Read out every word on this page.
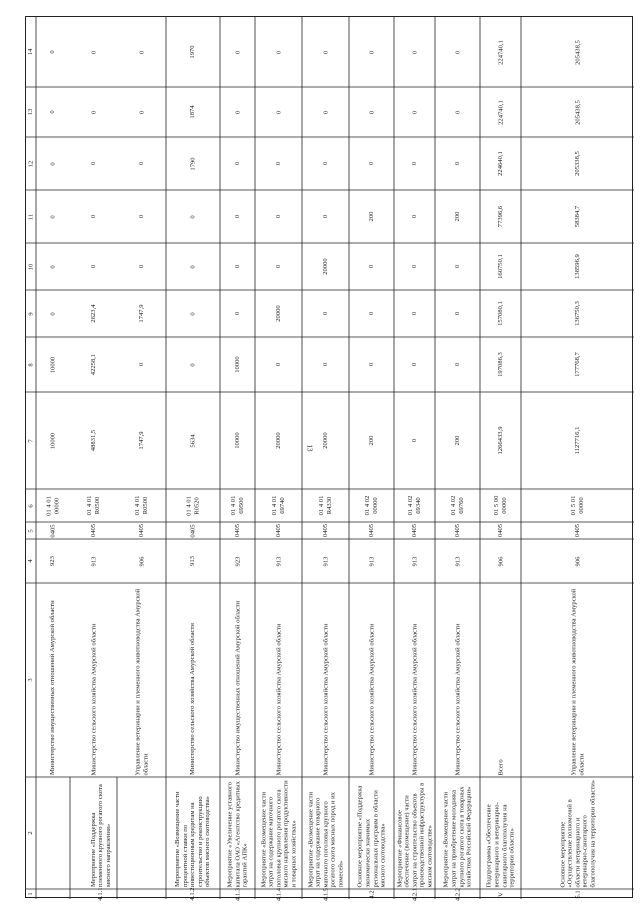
13
1
2
3
4
5
6
7
8
9
10
11
12
13
14
Министерство имущественных отношений Амурской области
923
0405
01 4 01 00000
10000
10000
0
0
0
0
0
0
4.1.1
Мероприятие «Поддержка племенного крупного рогатого скота мясного направления»
Министерство сельского хозяйства Амурской области
913
0405
01 4 01 R0500
48831,5
42258,1
2623,4
0
0
0
0
0
Управление ветеринарии и племенного животноводства Амурской области
906
0405
01 4 01 R0500
1747,9
0
1747,9
0
0
0
0
0
4.1.2
Мероприятие «Возмещение части процентной ставки по инвестиционным кредитам на строительство и реконструкцию объектов мясного скотоводства»
Министерство сельского хозяйства Амурской области
913
0405
01 4 01 R0520
5634
0
0
0
0
1790
1874
1970
4.1.3
Мероприятие «Увеличение уставного капитала ОАО «Агентство кредитных гарантий АПК»
Министерство имущественных отношений Амурской области
923
0405
01 4 01 69500
10000
10000
0
0
0
0
0
0
4.1.4
Мероприятие «Возмещение части затрат на содержание маточного поголовья крупного рогатого скота мясного направления продуктивности и товарных хозяйствах»
Министерство сельского хозяйства Амурской области
913
0405
01 4 01 69740
20000
0
20000
0
0
0
0
0
4.1.5
Мероприятие «Возмещение части затрат на содержание товарного маточного поголовья крупного рогатого скота мясных пород и их помесей»
Министерство сельского хозяйства Амурской области
913
0405
01 4 01 R4330
20000
0
0
20000
0
0
0
0
4.2
Основное мероприятие «Поддержка экономически значимых региональных программ в области мясного скотоводства»
Министерство сельского хозяйства Амурской области
913
0405
01 4 02 00000
200
0
0
0
200
0
0
0
4.2.1
Мероприятие «Финансовое обеспечение (возмещение) части затрат на строительство объектов производственной инфраструктуры в мясном скотоводстве»
Министерство сельского хозяйства Амурской области
913
0405
01 4 02 69340
0
0
0
0
0
0
0
0
4.2.2
Мероприятие «Возмещение части затрат на приобретение молодняка крупного рогатого скота в товарных хозяйствах Российской Федерации»
Министерство сельского хозяйства Амурской области
913
0405
01 4 02 69760
200
0
0
0
200
0
0
0
V
Подпрограмма «Обеспечение ветеринарного и ветеринарно-санитарного благополучия на территории области»
Всего
906
0405
01 5 00 00000
1266433,9
197086,3
157080,1
160750,1
77396,6
224640,1
224740,1
224740,1
5.1
Основное мероприятие «Осуществление полномочий в области ветеринарного и ветеринарно-санитарного благополучия на территории области»
Управление ветеринарии и племенного животноводства Амурской области
906
0405
01 5 01 00000
1127716,1
177768,7
136750,3
138596,9
58384,7
205338,5
205438,5
205438,5
